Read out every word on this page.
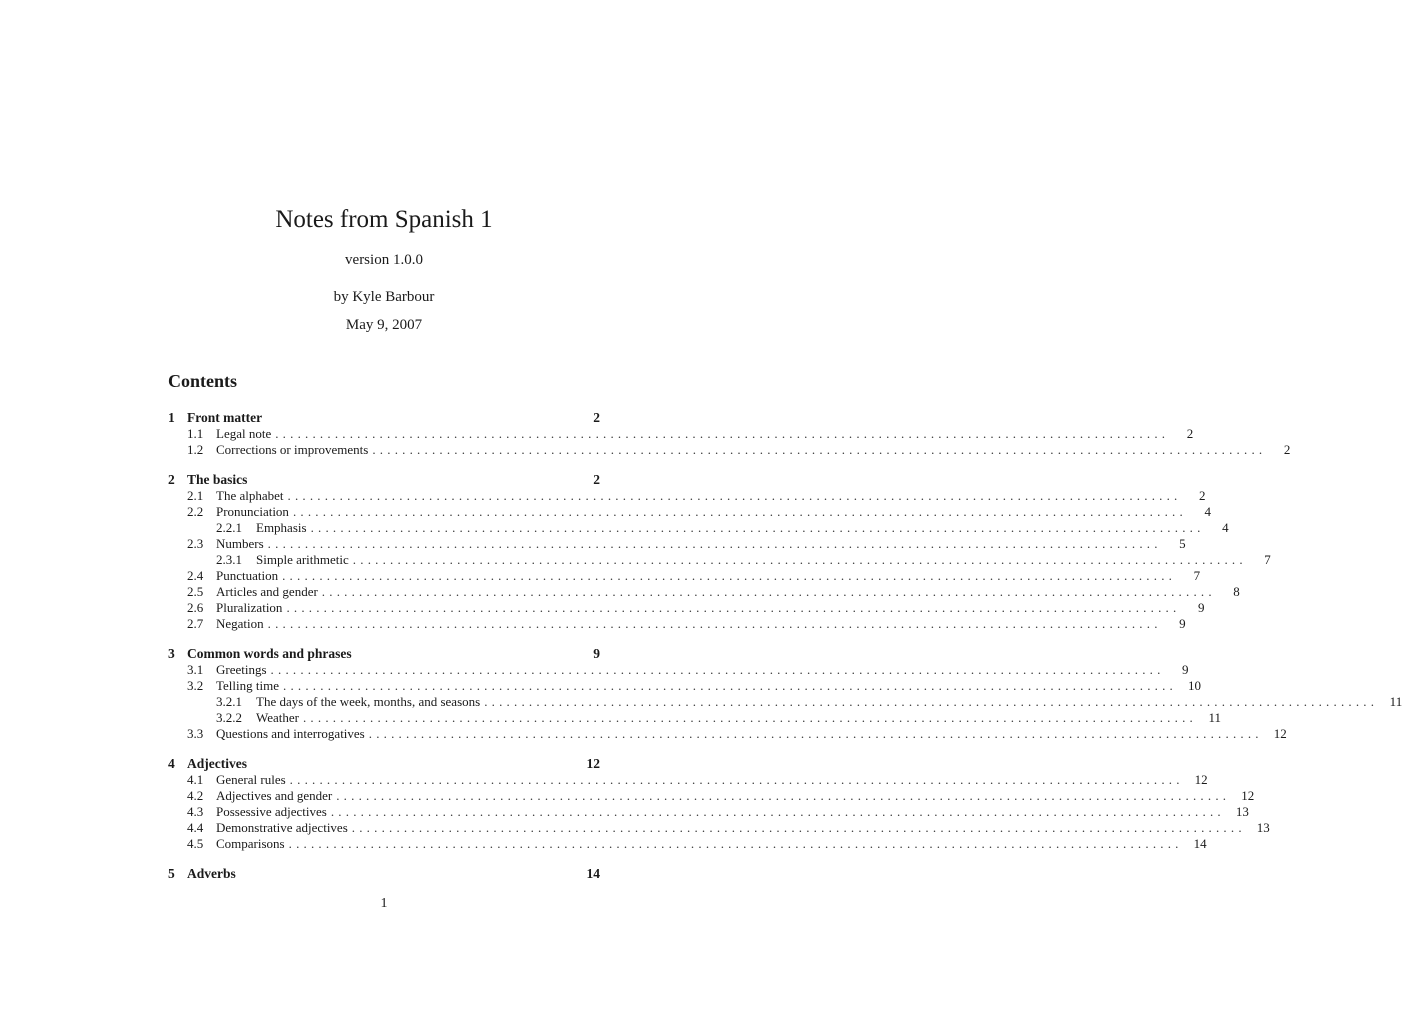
Notes from Spanish 1

version 1.0.0

by Kyle Barbour

May 9, 2007

Contents
1 Front matter	2
1.1 Legal note ........................................................................................................................	2
1.2 Corrections or improvements ........................................................................................................................	2
2 The basics	2
2.1 The alphabet ........................................................................................................................	2
2.2 Pronunciation ........................................................................................................................	4
2.2.1	Emphasis ........................................................................................................................	4
2.3 Numbers ........................................................................................................................	5
2.3.1	Simple arithmetic ........................................................................................................................	7
2.4 Punctuation ........................................................................................................................	7
2.5 Articles and gender ........................................................................................................................	8
2.6 Pluralization ........................................................................................................................	9
2.7 Negation ........................................................................................................................	9
3 Common words and phrases	9
3.1 Greetings ........................................................................................................................	9
3.2 Telling time ........................................................................................................................ 10
3.2.1	The days of the week, months, and seasons ........................................................................................................................ 11
3.2.2	Weather ........................................................................................................................ 11
3.3 Questions and interrogatives ........................................................................................................................ 12
4 Adjectives	12
4.1 General rules ........................................................................................................................ 12
4.2 Adjectives and gender ........................................................................................................................ 12
4.3 Possessive adjectives ........................................................................................................................ 13
4.4 Demonstrative adjectives ........................................................................................................................ 13
4.5 Comparisons ........................................................................................................................ 14
5 Adverbs	14
1
